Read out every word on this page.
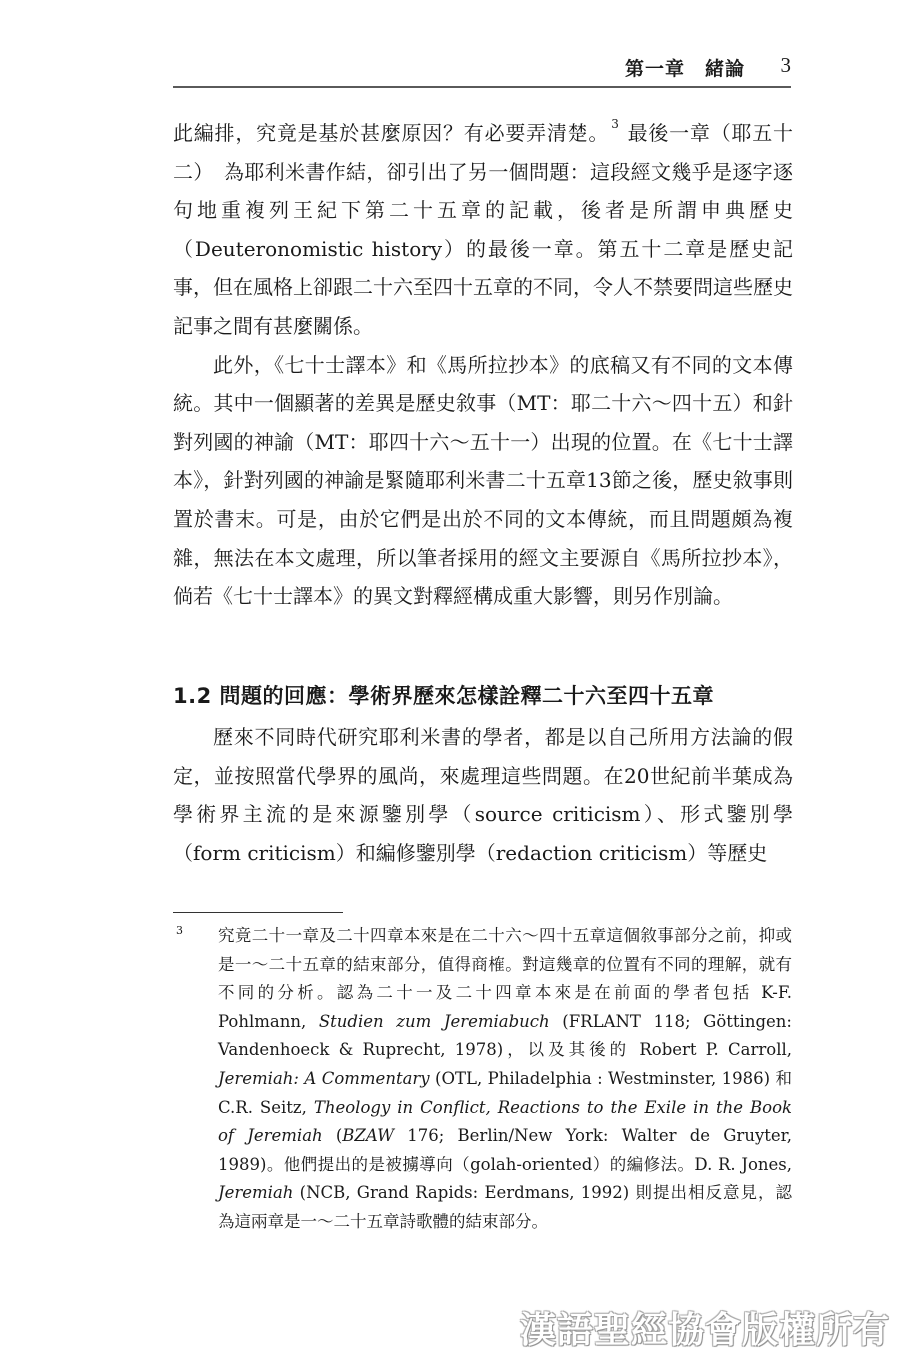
第一章　緒論 3

此編排，究竟是基於甚麼原因？有必要弄清楚。 $^3$ 最後一章（耶五十二）　為耶利米書作結，卻引出了另一個問題：這段經文幾乎是逐字逐句地重複列王紀下第二十五章的記載，後者是所謂申典歷史（Deuteronomistic history）的最後一章。第五十二章是歷史記事，但在風格上卻跟二十六至四十五章的不同，令人不禁要問這些歷史記事之間有甚麼關係。

此外，《七十士譯本》和《馬所拉抄本》的底稿又有不同的文本傳統。其中一個顯著的差異是歷史敘事（MT：耶二十六～四十五）和針對列國的神諭（MT：耶四十六～五十一）出現的位置。在《七十士譯本》，針對列國的神諭是緊隨耶利米書二十五章13節之後，歷史敘事則置於書末。可是，由於它們是出於不同的文本傳統，而且問題頗為複雜，無法在本文處理，所以筆者採用的經文主要源自《馬所拉抄本》，倘若《七十士譯本》的異文對釋經構成重大影響，則另作別論。

1.2 問題的回應：學術界歷來怎樣詮釋二十六至四十五章

歷來不同時代研究耶利米書的學者，都是以自己所用方法論的假定，並按照當代學界的風尚，來處理這些問題。在20世紀前半葉成為學術界主流的是來源鑒別學（source criticism）、形式鑒別學（form criticism）和編修鑒別學（redaction criticism）等歷史

3 究竟二十一章及二十四章本來是在二十六～四十五章這個敘事部分之前，抑或是一～二十五章的結束部分，值得商榷。對這幾章的位置有不同的理解，就有不同的分析。認為二十一及二十四章本來是在前面的學者包括 K-F. Pohlmann, Studien zum Jeremiabuch (FRLANT 118; Göttingen: Vandenhoeck & Ruprecht, 1978)，以及其後的 Robert P. Carroll, Jeremiah: A Commentary (OTL, Philadelphia : Westminster, 1986) 和 C.R. Seitz, Theology in Conflict, Reactions to the Exile in the Book of Jeremiah (BZAW 176; Berlin/New York: Walter de Gruyter, 1989)。他們提出的是被擄導向（golah-oriented）的編修法。D. R. Jones, Jeremiah (NCB, Grand Rapids: Eerdmans, 1992) 則提出相反意見，認為這兩章是一～二十五章詩歌體的結束部分。
漢語聖經協會版權所有
